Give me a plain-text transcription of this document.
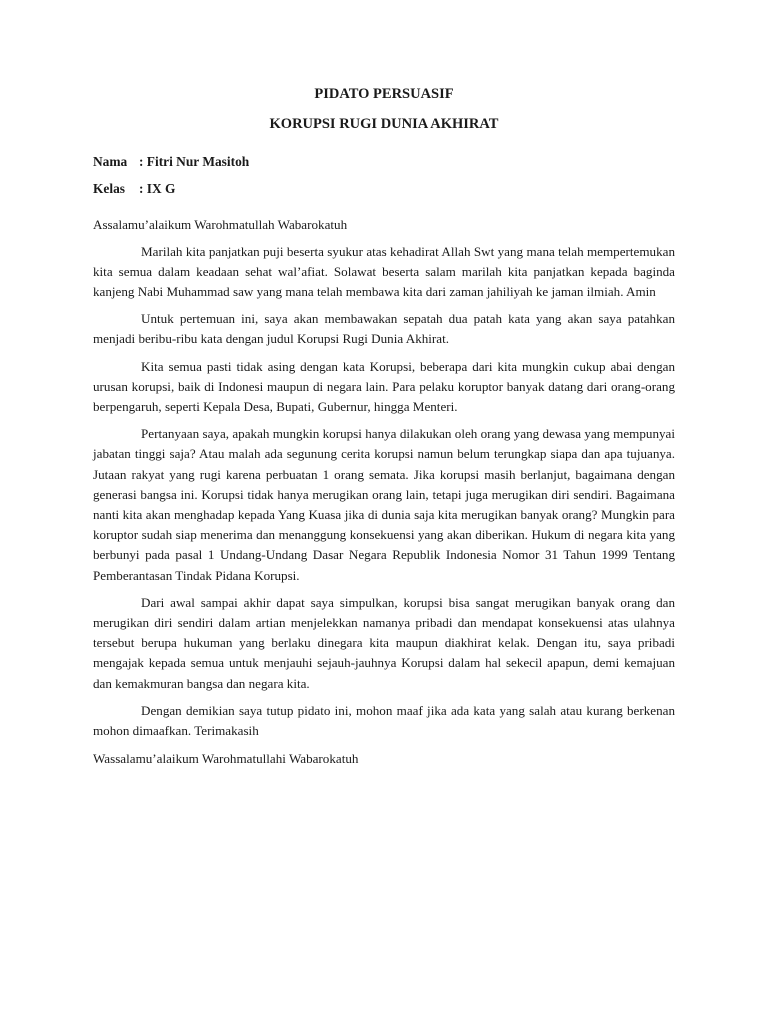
PIDATO PERSUASIF

KORUPSI RUGI DUNIA AKHIRAT

Nama : Fitri Nur Masitoh

Kelas : IX G

Assalamu’alaikum Warohmatullah Wabarokatuh

Marilah kita panjatkan puji beserta syukur atas kehadirat Allah Swt yang mana telah mempertemukan kita semua dalam keadaan sehat wal’afiat. Solawat beserta salam marilah kita panjatkan kepada baginda kanjeng Nabi Muhammad saw yang mana telah membawa kita dari zaman jahiliyah ke jaman ilmiah. Amin

Untuk pertemuan ini, saya akan membawakan sepatah dua patah kata yang akan saya patahkan menjadi beribu-ribu kata dengan judul Korupsi Rugi Dunia Akhirat.

Kita semua pasti tidak asing dengan kata Korupsi, beberapa dari kita mungkin cukup abai dengan urusan korupsi, baik di Indonesi maupun di negara lain. Para pelaku koruptor banyak datang dari orang-orang berpengaruh, seperti Kepala Desa, Bupati, Gubernur, hingga Menteri.

Pertanyaan saya, apakah mungkin korupsi hanya dilakukan oleh orang yang dewasa yang mempunyai jabatan tinggi saja? Atau malah ada segunung cerita korupsi namun belum terungkap siapa dan apa tujuanya. Jutaan rakyat yang rugi karena perbuatan 1 orang semata. Jika korupsi masih berlanjut, bagaimana dengan generasi bangsa ini. Korupsi tidak hanya merugikan orang lain, tetapi juga merugikan diri sendiri. Bagaimana nanti kita akan menghadap kepada Yang Kuasa jika di dunia saja kita merugikan banyak orang? Mungkin para koruptor sudah siap menerima dan menanggung konsekuensi yang akan diberikan. Hukum di negara kita yang berbunyi pada pasal 1 Undang-Undang Dasar Negara Republik Indonesia Nomor 31 Tahun 1999 Tentang Pemberantasan Tindak Pidana Korupsi.

Dari awal sampai akhir dapat saya simpulkan, korupsi bisa sangat merugikan banyak orang dan merugikan diri sendiri dalam artian menjelekkan namanya pribadi dan mendapat konsekuensi atas ulahnya tersebut berupa hukuman yang berlaku dinegara kita maupun diakhirat kelak. Dengan itu, saya pribadi mengajak kepada semua untuk menjauhi sejauh-jauhnya Korupsi dalam hal sekecil apapun, demi kemajuan dan kemakmuran bangsa dan negara kita.

Dengan demikian saya tutup pidato ini, mohon maaf jika ada kata yang salah atau kurang berkenan mohon dimaafkan. Terimakasih

Wassalamu’alaikum Warohmatullahi Wabarokatuh
